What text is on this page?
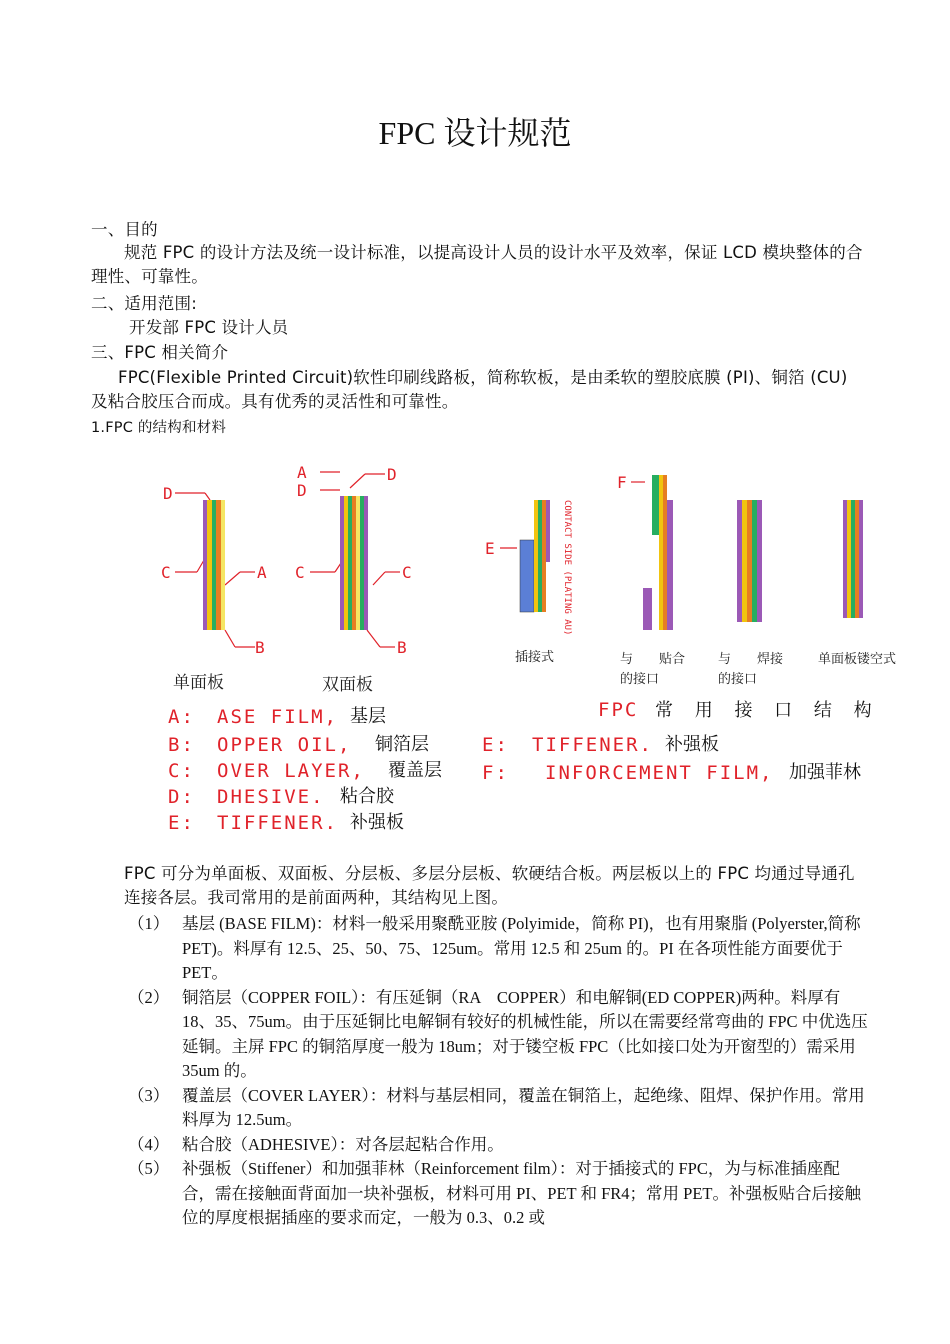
FPC 设计规范
一、目的
规范 FPC 的设计方法及统一设计标准，以提高设计人员的设计水平及效率，保证 LCD 模块整体的合理性、可靠性。
二、适用范围:
开发部 FPC 设计人员
三、FPC 相关简介
FPC(Flexible Printed Circuit)软性印刷线路板，简称软板，是由柔软的塑胶底膜 (PI)、铜箔 (CU) 及粘合胶压合而成。具有优秀的灵活性和可靠性。
1.FPC 的结构和材料
D
C	A
B
A
D
D
C	C
B
E
F
CONTACT SIDE (PLATING AU)
单面板	双面板
插接式	与　　贴合
的接口
与　　焊接
的接口
单面板镂空式
FPC 常 用 接 口 结 构
A: ASE FILM, 基层
B: OPPER OIL, 铜箔层
C: OVER LAYER, 覆盖层
D: DHESIVE. 粘合胶
E: TIFFENER. 补强板
E: TIFFENER. 补强板
F: INFORCEMENT FILM, 加强菲林
FPC 可分为单面板、双面板、分层板、多层分层板、软硬结合板。两层板以上的 FPC 均通过导通孔连接各层。我司常用的是前面两种，其结构见上图。

（1） 基层 (BASE FILM)：材料一般采用聚酰亚胺 (Polyimide，简称 PI)，也有用聚脂 (Polyerster,简称 PET)。料厚有 12.5、25、50、75、125um。常用 12.5 和 25um 的。PI 在各项性能方面要优于 PET。

（2） 铜箔层（COPPER FOIL）：有压延铜（RA　COPPER）和电解铜(ED COPPER)两种。料厚有 18、35、75um。由于压延铜比电解铜有较好的机械性能，所以在需要经常弯曲的 FPC 中优选压延铜。主屏 FPC 的铜箔厚度一般为 18um；对于镂空板 FPC（比如接口处为开窗型的）需采用 35um 的。

（3） 覆盖层（COVER LAYER）：材料与基层相同，覆盖在铜箔上，起绝缘、阻焊、保护作用。常用料厚为 12.5um。

（4） 粘合胶（ADHESIVE）：对各层起粘合作用。

（5） 补强板（Stiffener）和加强菲林（Reinforcement film）：对于插接式的 FPC，为与标准插座配合，需在接触面背面加一块补强板，材料可用 PI、PET 和 FR4；常用 PET。补强板贴合后接触位的厚度根据插座的要求而定，一般为 0.3、0.2 或
